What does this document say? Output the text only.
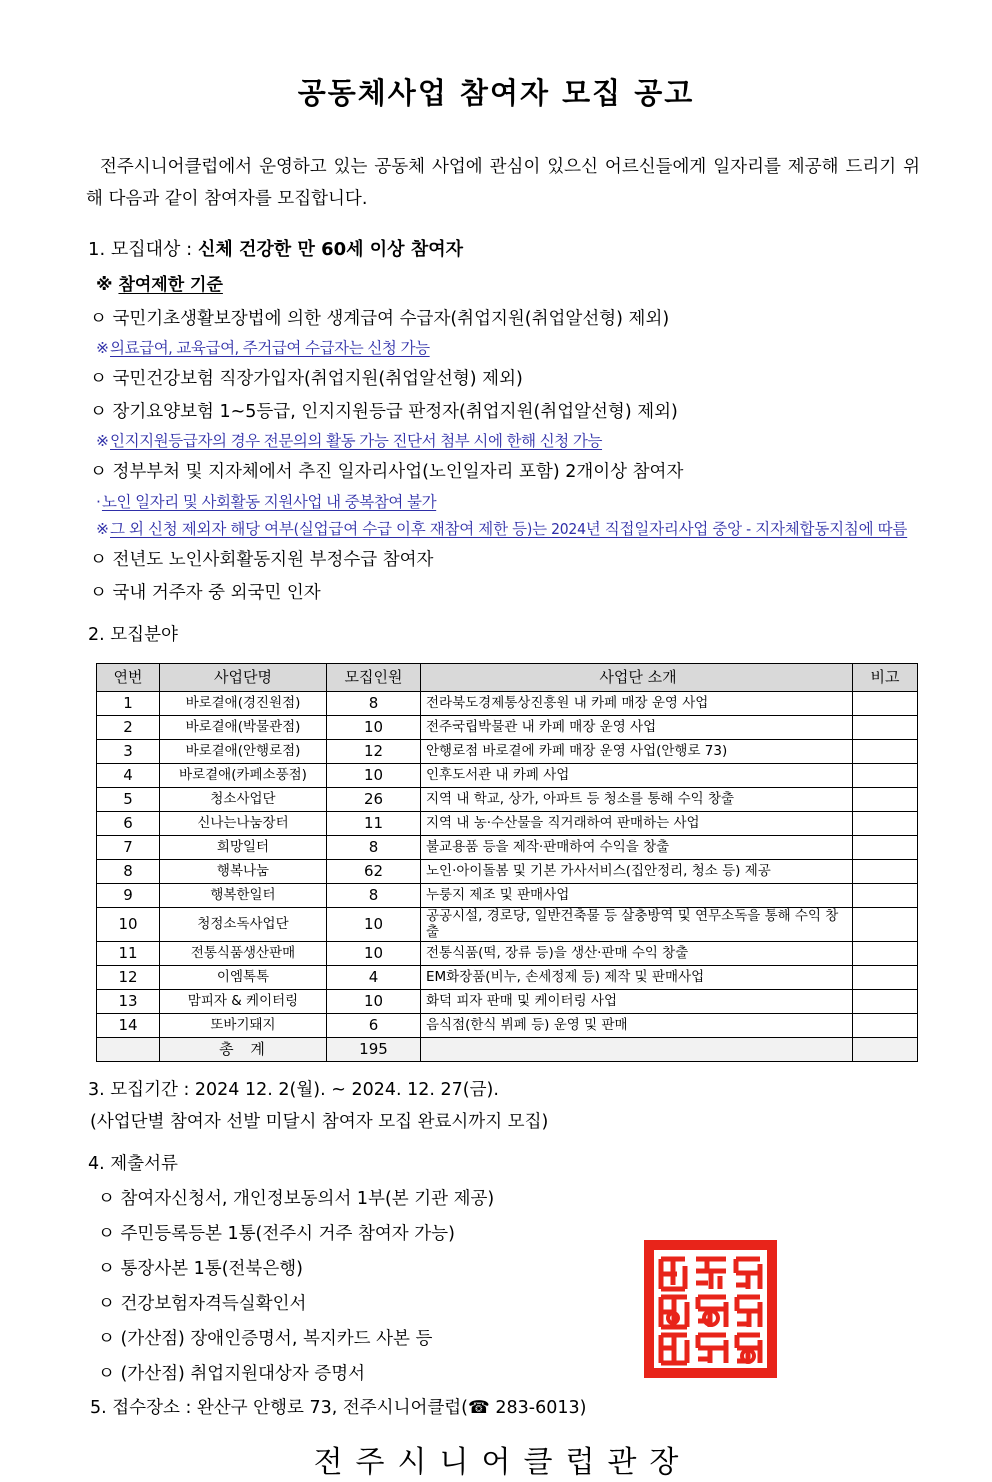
공동체사업 참여자 모집 공고

전주시니어클럽에서 운영하고 있는 공동체 사업에 관심이 있으신 어르신들에게 일자리를 제공해 드리기 위해 다음과 같이 참여자를 모집합니다.

1. 모집대상 : 신체 건강한 만 60세 이상 참여자

※ 참여제한 기준

ㅇ 국민기초생활보장법에 의한 생계급여 수급자(취업지원(취업알선형) 제외)

※의료급여, 교육급여, 주거급여 수급자는 신청 가능

ㅇ 국민건강보험 직장가입자(취업지원(취업알선형) 제외)

ㅇ 장기요양보험 1~5등급, 인지지원등급 판정자(취업지원(취업알선형) 제외)

※인지지원등급자의 경우 전문의의 활동 가능 진단서 첨부 시에 한해 신청 가능

ㅇ 정부부처 및 지자체에서 추진 일자리사업(노인일자리 포함) 2개이상 참여자

·노인 일자리 및 사회활동 지원사업 내 중복참여 불가

※그 외 신청 제외자 해당 여부(실업급여 수급 이후 재참여 제한 등)는 2024년 직접일자리사업 중앙 - 지자체합동지침에 따름

ㅇ 전년도 노인사회활동지원 부정수급 참여자

ㅇ 국내 거주자 중 외국민 인자

2. 모집분야

연번	사업단명	모집인원	사업단 소개	비고
1	바로곁애(경진원점)	8	전라북도경제통상진흥원 내 카페 매장 운영 사업	
2	바로곁애(박물관점)	10	전주국립박물관 내 카페 매장 운영 사업	
3	바로곁애(안행로점)	12	안행로점 바로곁에 카페 매장 운영 사업(안행로 73)	
4	바로곁애(카페소풍점)	10	인후도서관 내 카페 사업	
5	청소사업단	26	지역 내 학교, 상가, 아파트 등 청소를 통해 수익 창출	
6	신나는나눔장터	11	지역 내 농·수산물을 직거래하여 판매하는 사업	
7	희망일터	8	불교용품 등을 제작·판매하여 수익을 창출	
8	행복나눔	62	노인·아이돌봄 및 기본 가사서비스(집안정리, 청소 등) 제공	
9	행복한일터	8	누룽지 제조 및 판매사업	
10	청정소독사업단	10	공공시설, 경로당, 일반건축물 등 살충방역 및 연무소독을 통해 수익 창출	
11	전통식품생산판매	10	전통식품(떡, 장류 등)을 생산·판매 수익 창출	
12	이엠톡톡	4	EM화장품(비누, 손세정제 등) 제작 및 판매사업	
13	맘피자 & 케이터링	10	화덕 피자 판매 및 케이터링 사업	
14	또바기돼지	6	음식점(한식 뷔페 등) 운영 및 판매	
	총 계	195		

3. 모집기간 : 2024 12. 2(월). ~ 2024. 12. 27(금).

(사업단별 참여자 선발 미달시 참여자 모집 완료시까지 모집)

4. 제출서류

ㅇ 참여자신청서, 개인정보동의서 1부(본 기관 제공)

ㅇ 주민등록등본 1통(전주시 거주 참여자 가능)

ㅇ 통장사본 1통(전북은행)

ㅇ 건강보험자격득실확인서

ㅇ (가산점) 장애인증명서, 복지카드 사본 등

ㅇ (가산점) 취업지원대상자 증명서

5. 접수장소 : 완산구 안행로 73, 전주시니어클럽(☎ 283-6013)

전주시니어클럽관장
